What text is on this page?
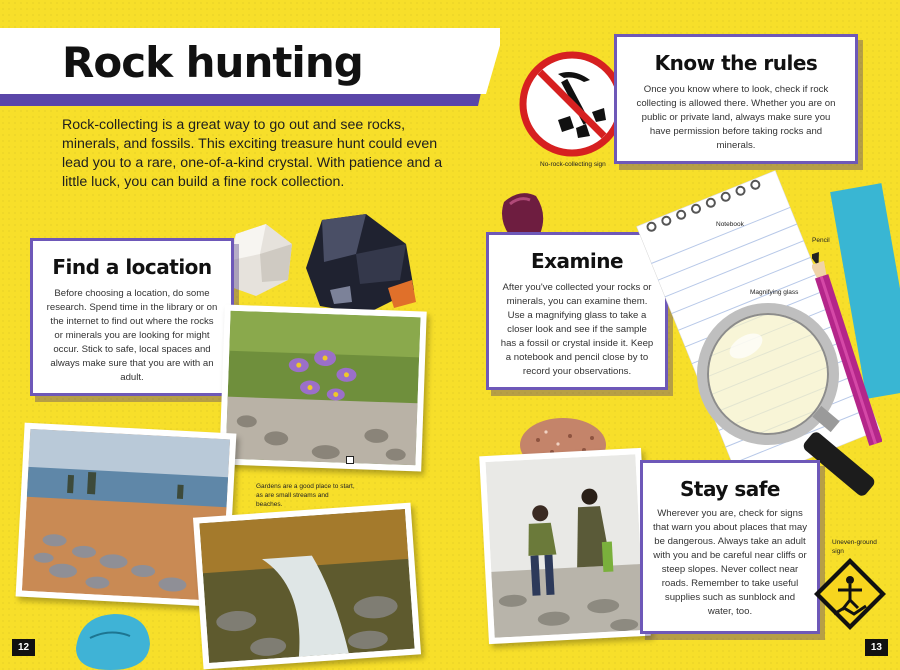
Rock hunting

Rock-collecting is a great way to go out and see rocks, minerals, and fossils. This exciting treasure hunt could even lead you to a rare, one-of-a-kind crystal. With patience and a little luck, you can build a fine rock collection.

No-rock-collecting sign
Know the rules

Once you know where to look, check if rock collecting is allowed there. Whether you are on public or private land, always make sure you have permission before taking rocks and minerals.

Find a location

Before choosing a location, do some research. Spend time in the library or on the internet to find out where the rocks or minerals you are looking for might occur. Stick to safe, local spaces and always make sure that you are with an adult.

Gardens are a good place to start, as are small streams and beaches.
Examine

After you've collected your rocks or minerals, you can examine them. Use a magnifying glass to take a closer look and see if the sample has a fossil or crystal inside it. Keep a notebook and pencil close by to record your observations.

Notebook
Pencil
Magnifying glass
Stay safe

Wherever you are, check for signs that warn you about places that may be dangerous. Always take an adult with you and be careful near cliffs or steep slopes. Never collect near roads. Remember to take useful supplies such as sunblock and water, too.

Uneven-ground sign
12	13
